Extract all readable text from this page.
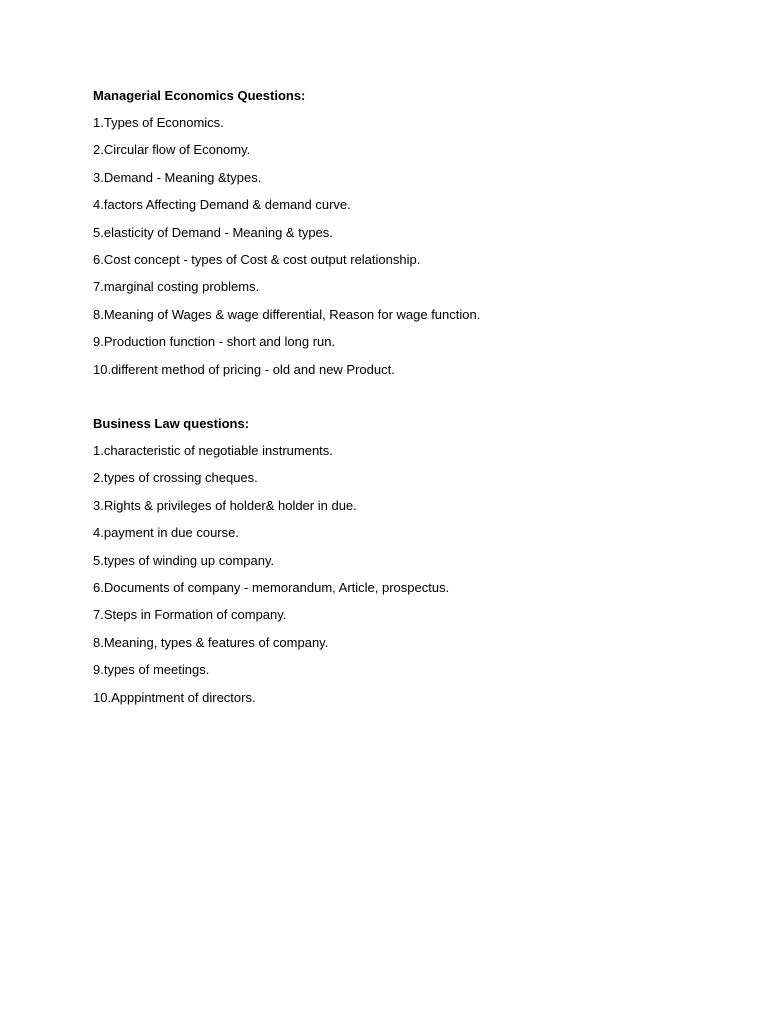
Managerial Economics Questions:
1.Types of Economics.
2.Circular flow of Economy.
3.Demand - Meaning &types.
4.factors Affecting Demand & demand curve.
5.elasticity of Demand - Meaning & types.
6.Cost concept - types of Cost & cost output relationship.
7.marginal costing problems.
8.Meaning of Wages & wage differential, Reason for wage function.
9.Production function - short and long run.
10.different method of pricing - old and new Product.
Business Law questions:
1.characteristic of negotiable instruments.
2.types of crossing cheques.
3.Rights & privileges of holder& holder in due.
4.payment in due course.
5.types of winding up company.
6.Documents of company - memorandum, Article, prospectus.
7.Steps in Formation of company.
8.Meaning, types & features of company.
9.types of meetings.
10.Apppintment of directors.
